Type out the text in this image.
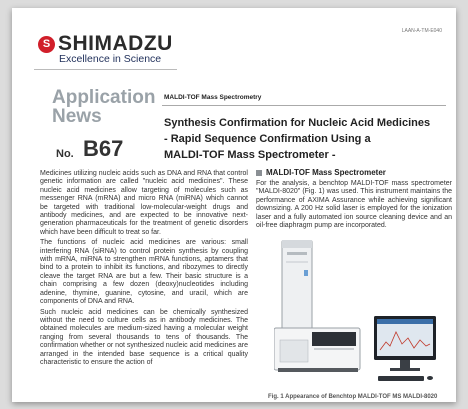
LAAN-A-TM-E040
S SHIMADZU
Excellence in Science
Application
News
No. B67
MALDI-TOF Mass Spectrometry
Synthesis Confirmation for Nucleic Acid Medicines
- Rapid Sequence Confirmation Using a
MALDI-TOF Mass Spectrometer -

Medicines utilizing nucleic acids such as DNA and RNA that control genetic information are called "nucleic acid medicines". These nucleic acid medicines allow targeting of molecules such as messenger RNA (mRNA) and micro RNA (miRNA) which cannot be targeted with traditional low-molecular-weight drugs and antibody medicines, and are expected to be innovative next-generation pharmaceuticals for the treatment of genetic disorders which have been difficult to treat so far.

The functions of nucleic acid medicines are various: small interfering RNA (siRNA) to control protein synthesis by coupling with mRNA, miRNA to strengthen mRNA functions, aptamers that bind to a protein to inhibit its functions, and ribozymes to directly cleave the target RNA are but a few. Their basic structure is a chain comprising a few dozen (deoxy)nucleotides including adenine, thymine, guanine, cytosine, and uracil, which are components of DNA and RNA.

Such nucleic acid medicines can be chemically synthesized without the need to culture cells as in antibody medicines. The obtained molecules are medium-sized having a molecular weight ranging from several thousands to tens of thousands. The confirmation whether or not synthesized nucleic acid medicines are arranged in the intended base sequence is a critical quality characteristic to ensure the action of

MALDI-TOF Mass Spectrometer

For the analysis, a benchtop MALDI-TOF mass spectrometer "MALDI-8020" (Fig. 1) was used. This instrument maintains the performance of AXIMA Assurance while achieving significant downsizing. A 200 Hz solid laser is employed for the ionization laser and a fully automated ion source cleaning device and an oil-free diaphragm pump are incorporated.

Fig. 1 Appearance of Benchtop MALDI-TOF MS MALDI-8020
